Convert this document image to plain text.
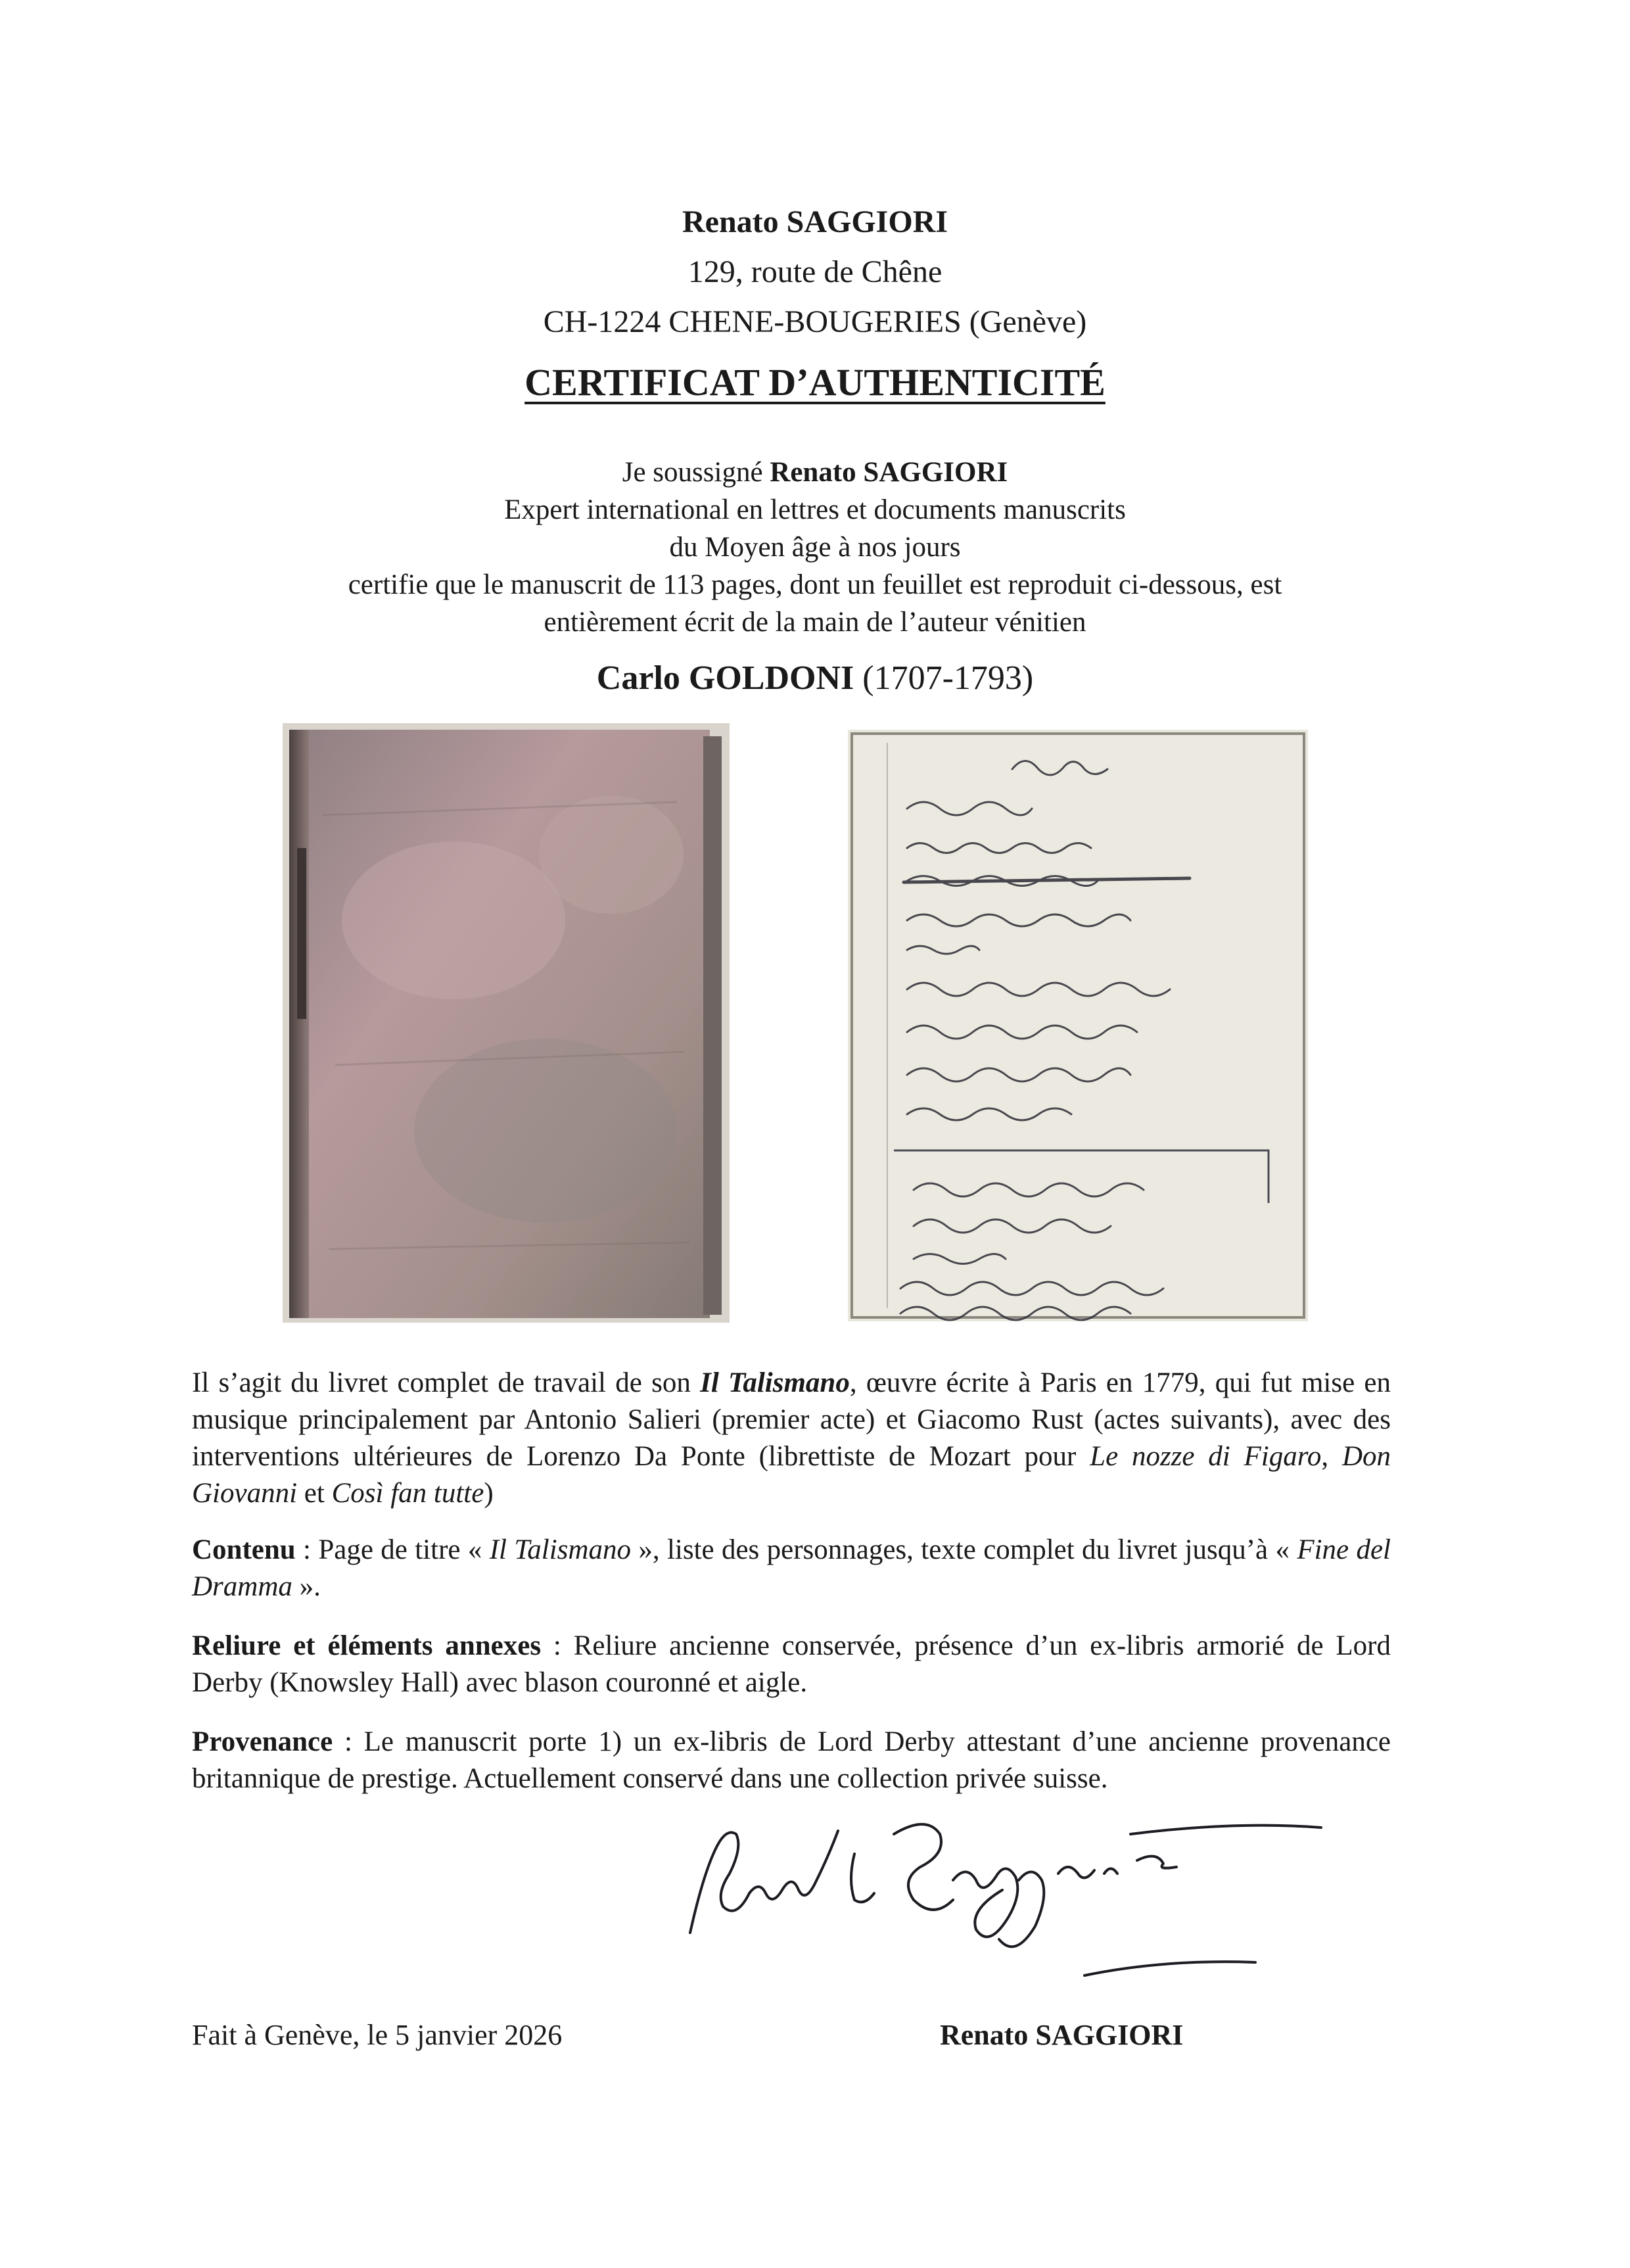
Renato SAGGIORI
129, route de Chêne
CH-1224 CHENE-BOUGERIES (Genève)
CERTIFICAT D’AUTHENTICITÉ
Je soussigné Renato SAGGIORI
Expert international en lettres et documents manuscrits
du Moyen âge à nos jours
certifie que le manuscrit de 113 pages, dont un feuillet est reproduit ci-dessous, est
entièrement écrit de la main de l’auteur vénitien
Carlo GOLDONI (1707-1793)
Il s’agit du livret complet de travail de son Il Talismano, œuvre écrite à Paris en 1779, qui fut mise en musique principalement par Antonio Salieri (premier acte) et Giacomo Rust (actes suivants), avec des interventions ultérieures de Lorenzo Da Ponte (librettiste de Mozart pour Le nozze di Figaro, Don Giovanni et Così fan tutte)
Contenu : Page de titre « Il Talismano », liste des personnages, texte complet du livret jusqu’à « Fine del Dramma ».
Reliure et éléments annexes : Reliure ancienne conservée, présence d’un ex-libris armorié de Lord Derby (Knowsley Hall) avec blason couronné et aigle.
Provenance : Le manuscrit porte 1) un ex-libris de Lord Derby attestant d’une ancienne provenance britannique de prestige. Actuellement conservé dans une collection privée suisse.
Fait à Genève, le 5 janvier 2026	Renato SAGGIORI
